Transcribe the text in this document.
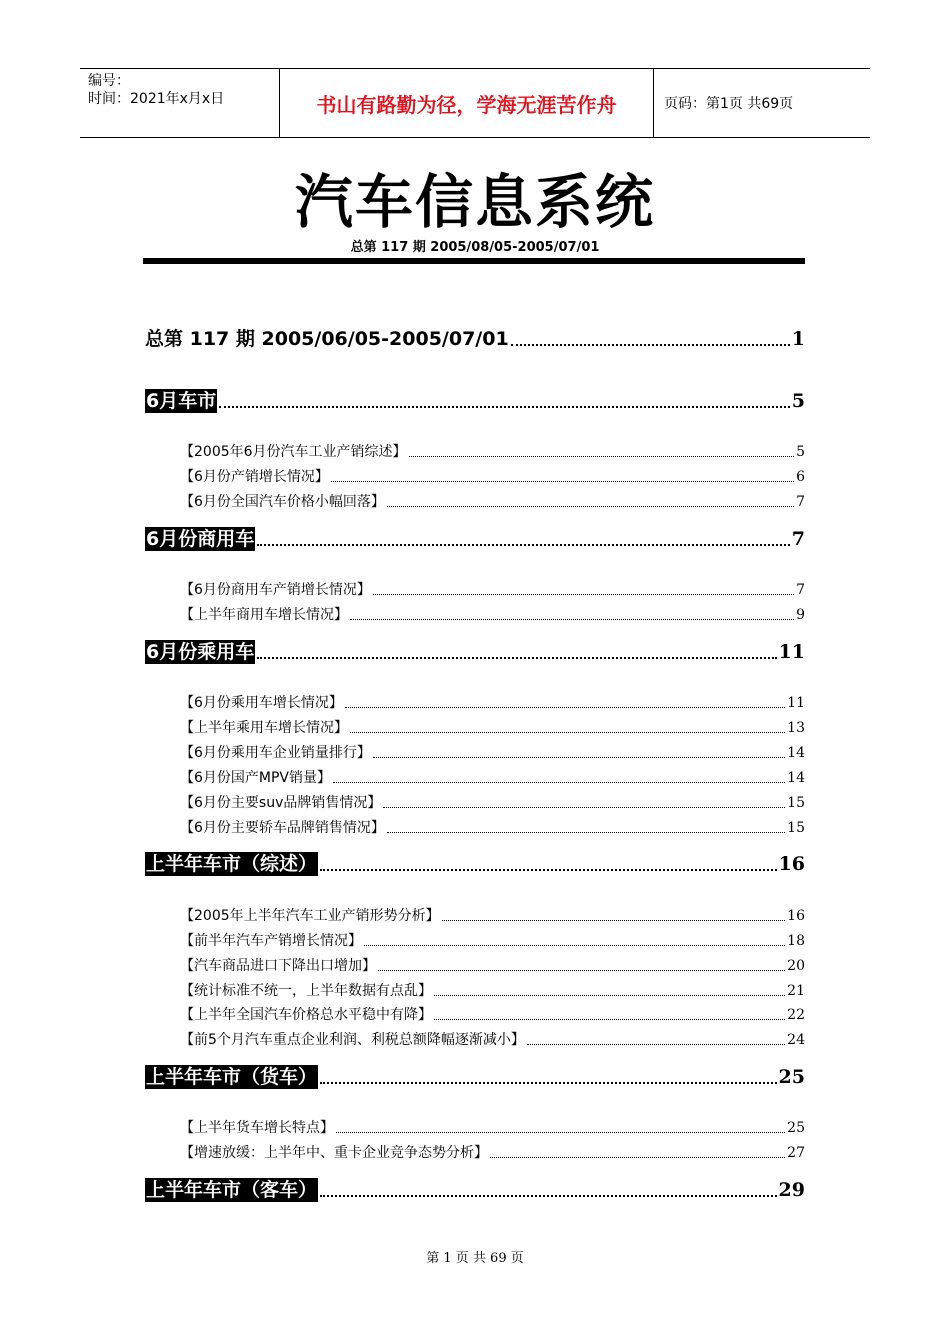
编号：
时间：2021年x月x日	书山有路勤为径，学海无涯苦作舟	页码：第1页 共69页
汽车信息系统
总第 117 期 2005/08/05-2005/07/01
总第 117 期 2005/06/05-2005/07/01	1
6月车市	5
【2005年6月份汽车工业产销综述】	5
【6月份产销增长情况】	6
【6月份全国汽车价格小幅回落】	7
6月份商用车	7
【6月份商用车产销增长情况】	7
【上半年商用车增长情况】	9
6月份乘用车	11
【6月份乘用车增长情况】	11
【上半年乘用车增长情况】	13
【6月份乘用车企业销量排行】	14
【6月份国产MPV销量】	14
【6月份主要suv品牌销售情况】	15
【6月份主要轿车品牌销售情况】	15
上半年车市（综述）	16
【2005年上半年汽车工业产销形势分析】	16
【前半年汽车产销增长情况】	18
【汽车商品进口下降出口增加】	20
【统计标准不统一，上半年数据有点乱】	21
【上半年全国汽车价格总水平稳中有降】	22
【前5个月汽车重点企业利润、利税总额降幅逐渐减小】	24
上半年车市（货车）	25
【上半年货车增长特点】	25
【增速放缓：上半年中、重卡企业竞争态势分析】	27
上半年车市（客车）	29
第 1 页 共 69 页
